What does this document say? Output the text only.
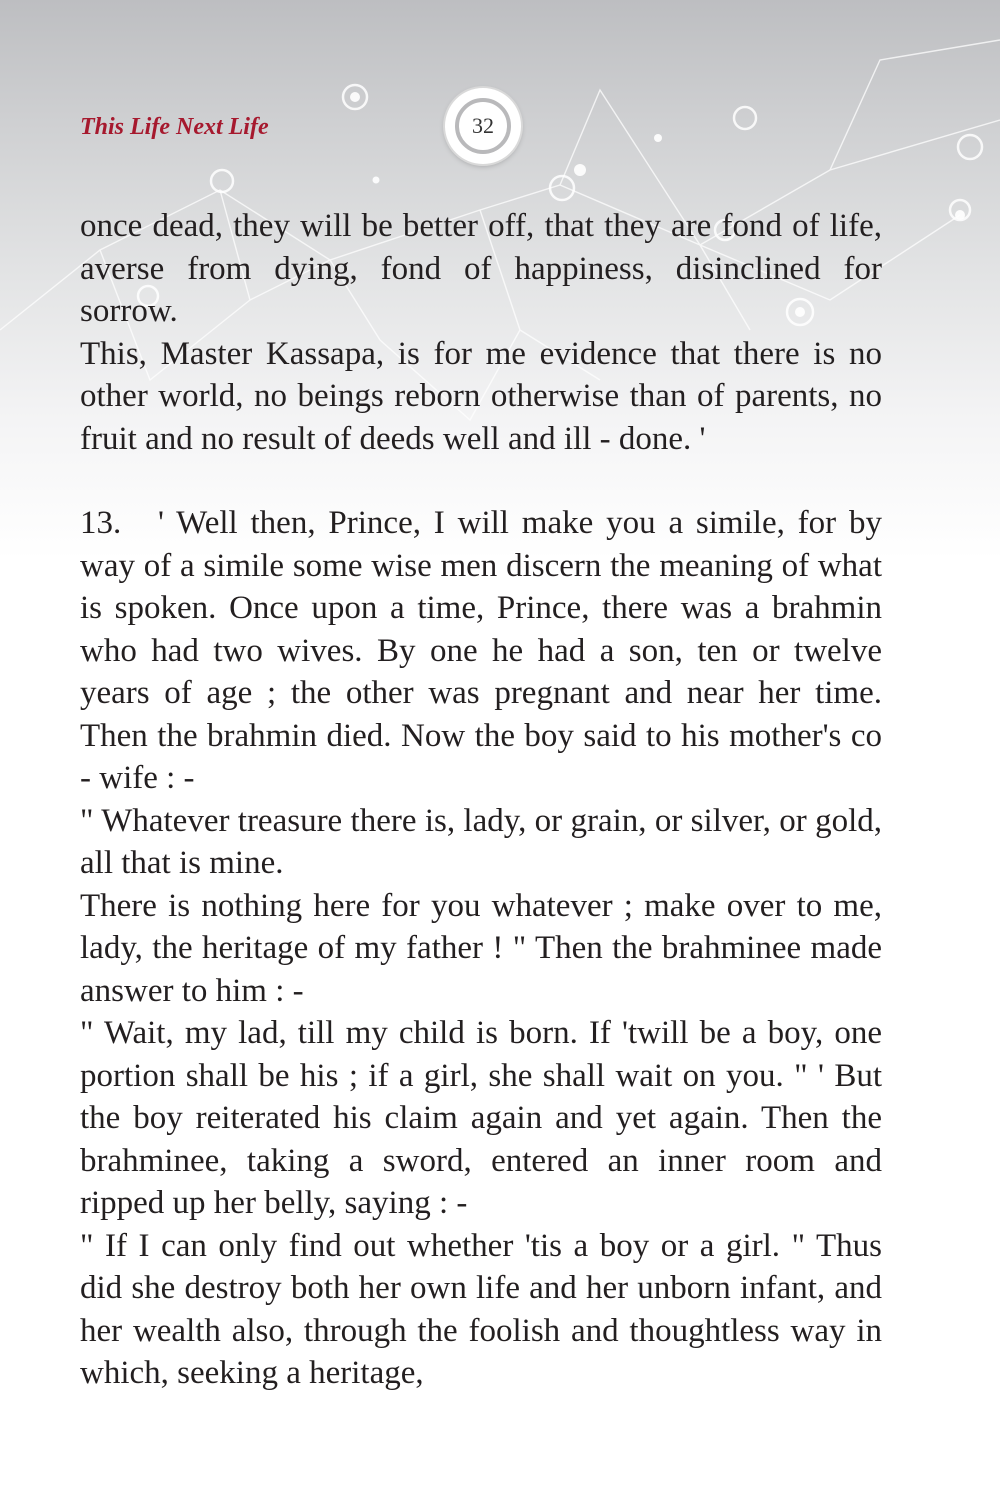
This Life Next Life	32

once dead, they will be better off, that they are fond of life, averse from dying, fond of happiness, disinclined for sorrow.

This, Master Kassapa, is for me evidence that there is no other world, no beings reborn otherwise than of parents, no fruit and no result of deeds well and ill - done. '

13. ' Well then, Prince, I will make you a simile, for by way of a simile some wise men discern the meaning of what is spoken. Once upon a time, Prince, there was a brahmin who had two wives. By one he had a son, ten or twelve years of age ; the other was pregnant and near her time. Then the brahmin died. Now the boy said to his mother's co - wife : -

" Whatever treasure there is, lady, or grain, or silver, or gold, all that is mine.

There is nothing here for you whatever ; make over to me, lady, the heritage of my father ! " Then the brahminee made answer to him : -

" Wait, my lad, till my child is born. If 'twill be a boy, one portion shall be his ; if a girl, she shall wait on you. " ' But the boy reiterated his claim again and yet again. Then the brahminee, taking a sword, entered an inner room and ripped up her belly, saying : -

" If I can only find out whether 'tis a boy or a girl. " Thus did she destroy both her own life and her unborn infant, and her wealth also, through the foolish and thoughtless way in which, seeking a heritage,
